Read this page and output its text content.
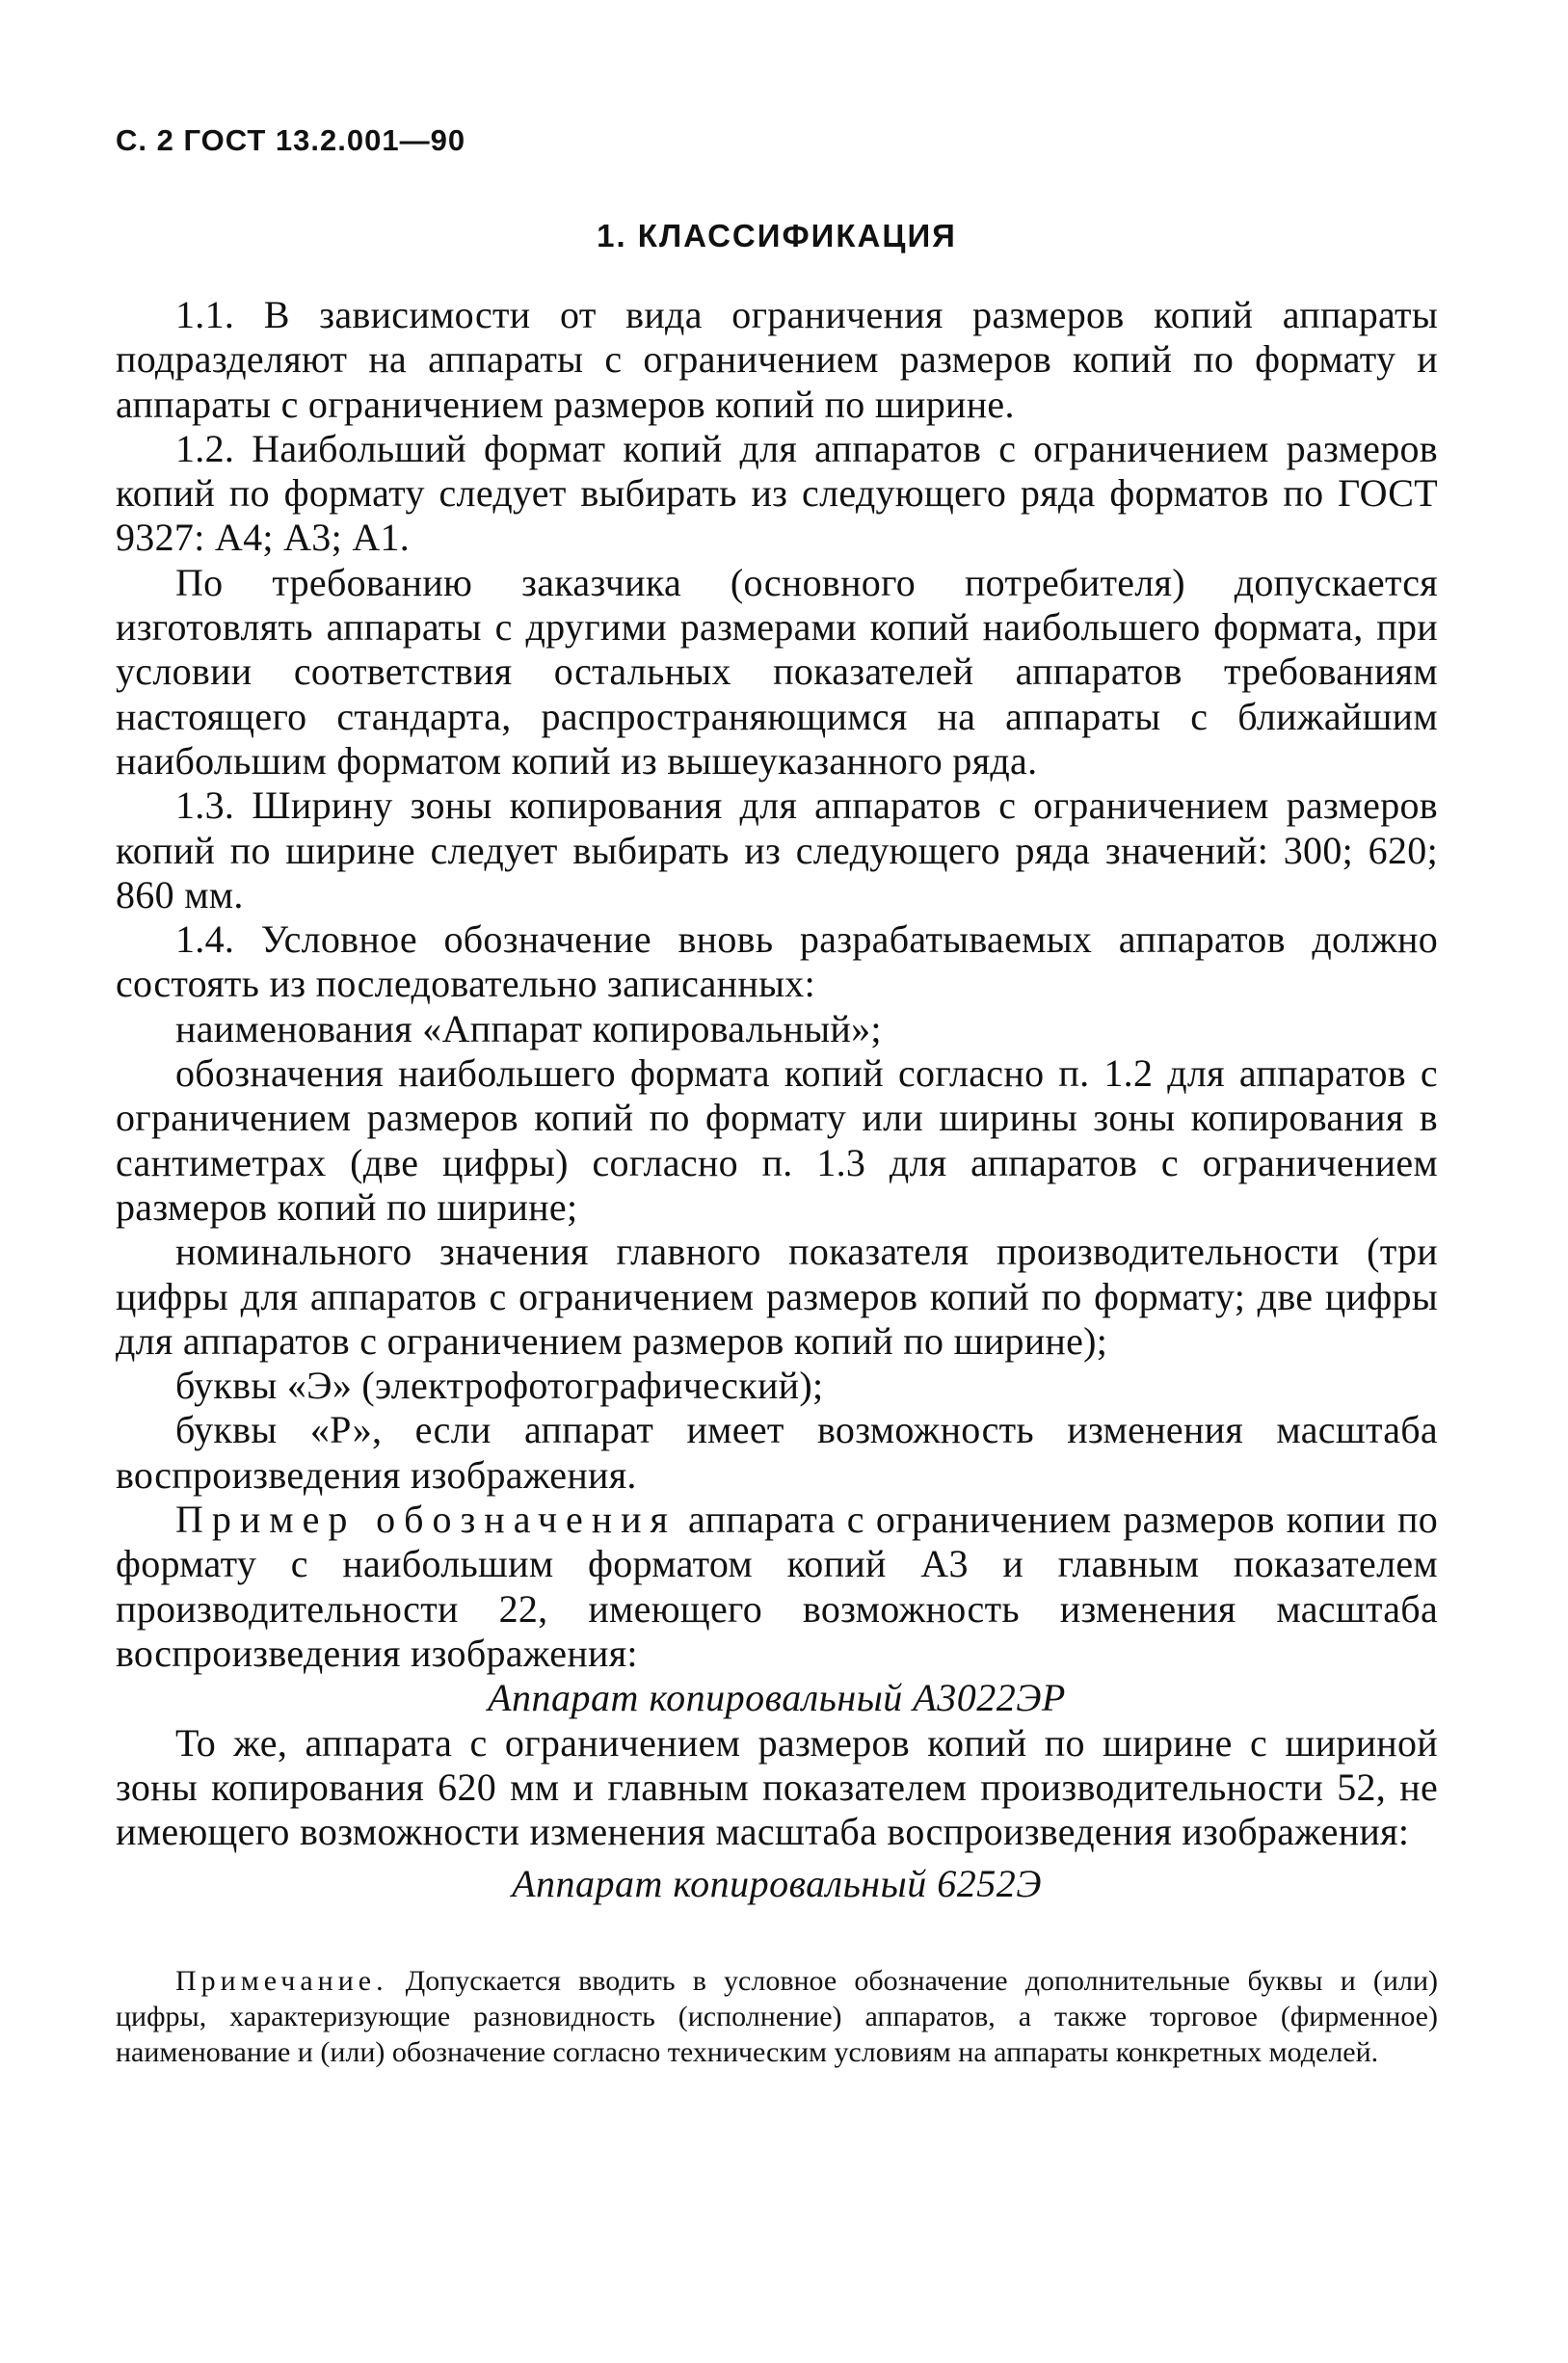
С. 2 ГОСТ 13.2.001—90
1. КЛАССИФИКАЦИЯ

1.1. В зависимости от вида ограничения размеров копий аппараты подразделяют на аппараты с ограничением размеров копий по формату и аппараты с ограничением размеров копий по ширине.

1.2. Наибольший формат копий для аппаратов с ограничением размеров копий по формату следует выбирать из следующего ряда форматов по ГОСТ 9327: А4; А3; А1.

По требованию заказчика (основного потребителя) допускается изготовлять аппараты с другими размерами копий наибольшего формата, при условии соответствия остальных показателей аппаратов требованиям настоящего стандарта, распространяющимся на аппараты с ближайшим наибольшим форматом копий из вышеуказанного ряда.

1.3. Ширину зоны копирования для аппаратов с ограничением размеров копий по ширине следует выбирать из следующего ряда значений: 300; 620; 860 мм.

1.4. Условное обозначение вновь разрабатываемых аппаратов должно состоять из последовательно записанных:

наименования «Аппарат копировальный»;

обозначения наибольшего формата копий согласно п. 1.2 для аппаратов с ограничением размеров копий по формату или ширины зоны копирования в сантиметрах (две цифры) согласно п. 1.3 для аппаратов с ограничением размеров копий по ширине;

номинального значения главного показателя производительности (три цифры для аппаратов с ограничением размеров копий по формату; две цифры для аппаратов с ограничением размеров копий по ширине);

буквы «Э» (электрофотографический);

буквы «Р», если аппарат имеет возможность изменения масштаба воспроизведения изображения.

Пример обозначения аппарата с ограничением размеров копии по формату с наибольшим форматом копий А3 и главным показателем производительности 22, имеющего возможность изменения масштаба воспроизведения изображения:

Аппарат копировальный А3022ЭР

То же, аппарата с ограничением размеров копий по ширине с шириной зоны копирования 620 мм и главным показателем производительности 52, не имеющего возможности изменения масштаба воспроизведения изображения:

Аппарат копировальный 6252Э

Примечание. Допускается вводить в условное обозначение дополнительные буквы и (или) цифры, характеризующие разновидность (исполнение) аппаратов, а также торговое (фирменное) наименование и (или) обозначение согласно техническим условиям на аппараты конкретных моделей.
